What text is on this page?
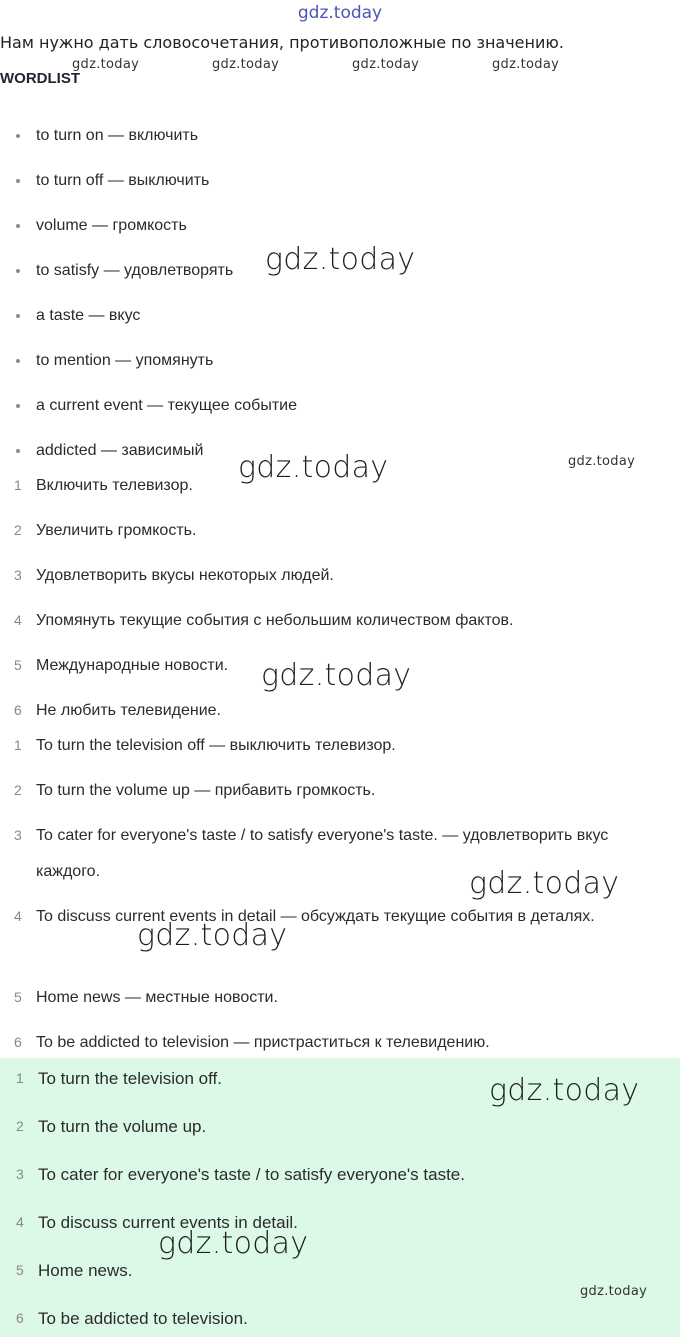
gdz.today
Нам нужно дать словосочетания, противоположные по значению.
WORDLIST
gdz.today	gdz.today	gdz.today	gdz.today
to turn on — включить
to turn off — выключить
volume — громкость
to satisfy — удовлетворять
a taste — вкус
to mention — упомянуть
a current event — текущее событие
addicted — зависимый
1 Включить телевизор.
2 Увеличить громкость.
3 Удовлетворить вкусы некоторых людей.
4 Упомянуть текущие события с небольшим количеством фактов.
5 Международные новости.
6 Не любить телевидение.
1 To turn the television off — выключить телевизор.
2 To turn the volume up — прибавить громкость.
3 To cater for everyone's taste / to satisfy everyone's taste. — удовлетворить вкус каждого.
4 To discuss current events in detail — обсуждать текущие события в деталях.
5 Home news — местные новости.
6 To be addicted to television — пристраститься к телевидению.
1 To turn the television off.
2 To turn the volume up.
3 To cater for everyone's taste / to satisfy everyone's taste.
4 To discuss current events in detail.
5 Home news.
6 To be addicted to television.
gdz.today
gdz.today	gdz.today
gdz.today
gdz.today
gdz.today
gdz.today
gdz.today
gdz.today
